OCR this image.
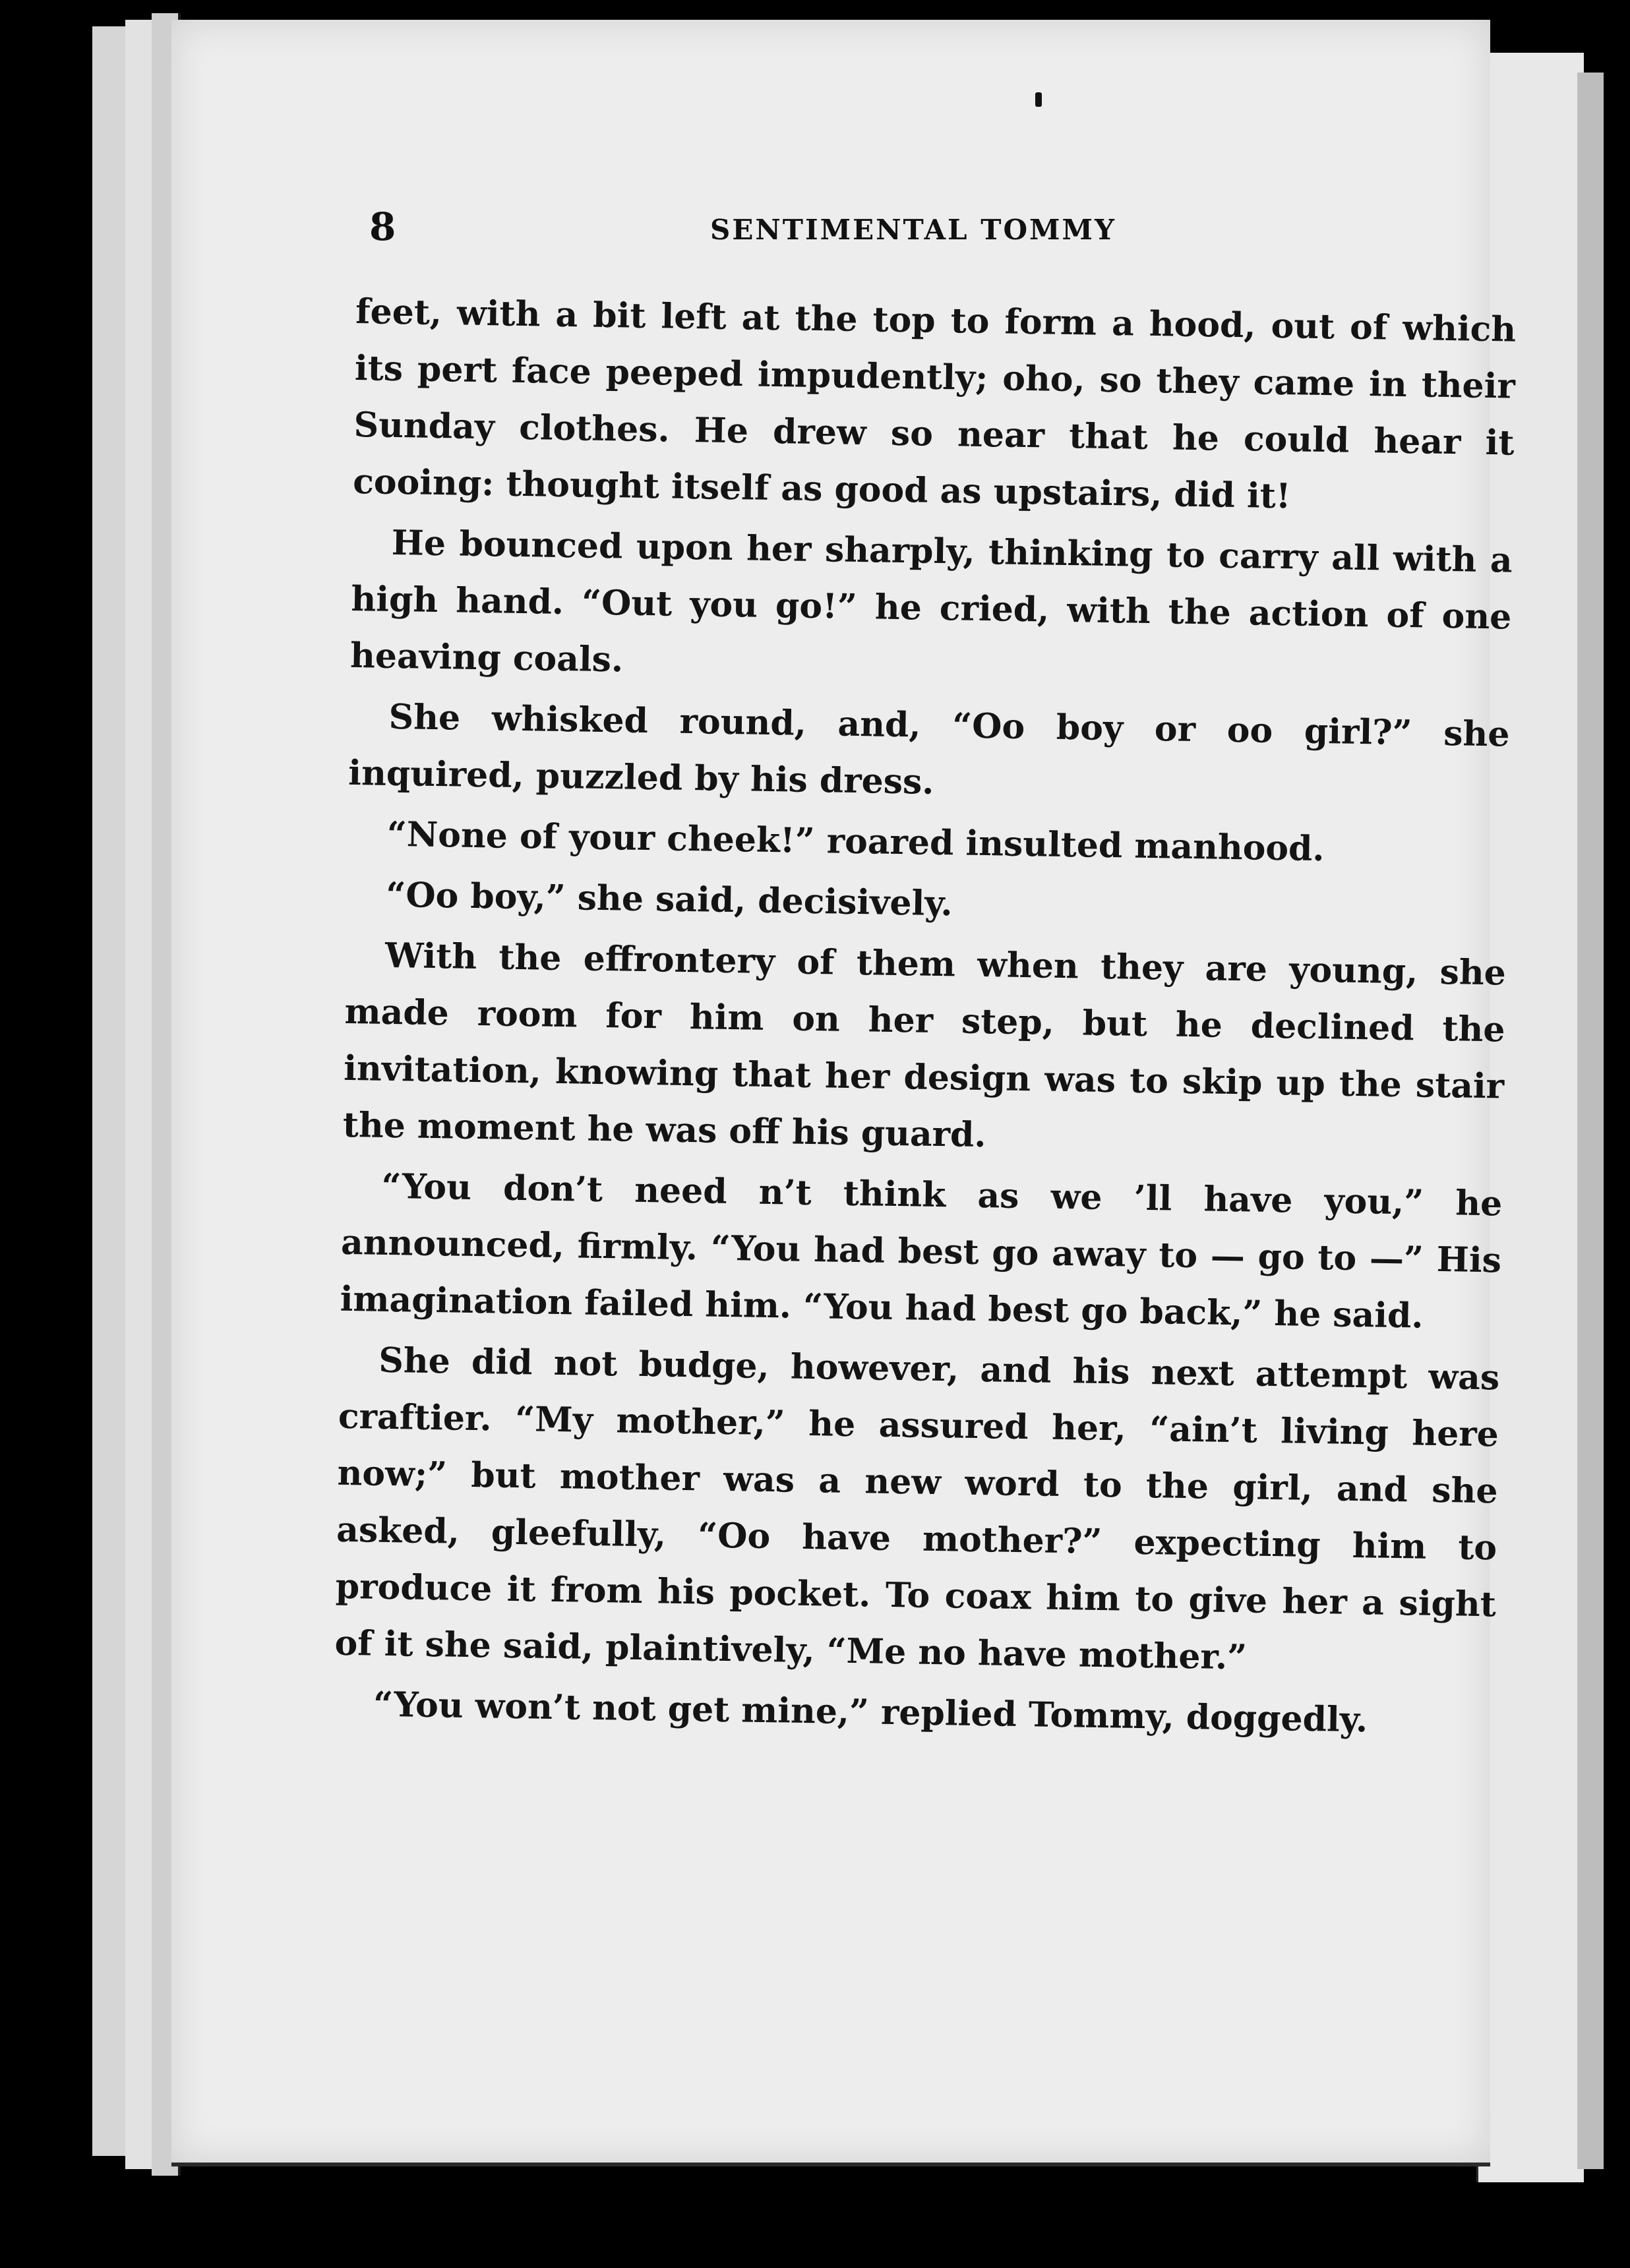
8	SENTIMENTAL TOMMY

feet, with a bit left at the top to form a hood, out of which its pert face peeped impudently; oho, so they came in their Sunday clothes. He drew so near that he could hear it cooing: thought itself as good as upstairs, did it!

He bounced upon her sharply, thinking to carry all with a high hand. “Out you go!” he cried, with the action of one heaving coals.

She whisked round, and, “Oo boy or oo girl?” she inquired, puzzled by his dress.

“None of your cheek!” roared insulted manhood.

“Oo boy,” she said, decisively.

With the effrontery of them when they are young, she made room for him on her step, but he declined the invitation, knowing that her design was to skip up the stair the moment he was off his guard.

“You don’t need n’t think as we ’ll have you,” he announced, firmly. “You had best go away to — go to —” His imagination failed him. “You had best go back,” he said.

She did not budge, however, and his next attempt was craftier. “My mother,” he assured her, “ain’t living here now;” but mother was a new word to the girl, and she asked, gleefully, “Oo have mother?” expecting him to produce it from his pocket. To coax him to give her a sight of it she said, plaintively, “Me no have mother.”

“You won’t not get mine,” replied Tommy, doggedly.
